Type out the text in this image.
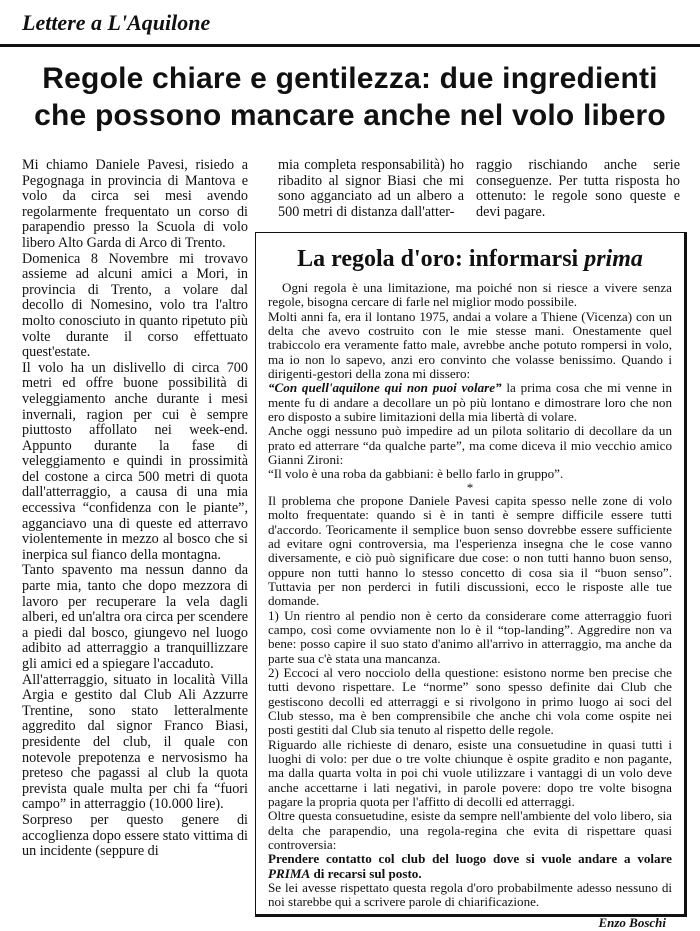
Lettere a L'Aquilone
Regole chiare e gentilezza: due ingredienti
che possono mancare anche nel volo libero

Mi chiamo Daniele Pavesi, risiedo a Pegognaga in provincia di Mantova e volo da circa sei mesi avendo regolarmente frequentato un corso di parapendio presso la Scuola di volo libero Alto Garda di Arco di Trento.

Domenica 8 Novembre mi trovavo assieme ad alcuni amici a Mori, in provincia di Trento, a volare dal decollo di Nomesino, volo tra l'altro molto conosciuto in quanto ripetuto più volte durante il corso effettuato quest'estate.

Il volo ha un dislivello di circa 700 metri ed offre buone possibilità di veleggiamento anche durante i mesi invernali, ragion per cui è sempre piuttosto affollato nei week-end. Appunto durante la fase di veleggiamento e quindi in prossimità del costone a circa 500 metri di quota dall'atterraggio, a causa di una mia eccessiva “confidenza con le piante”, agganciavo una di queste ed atterravo violentemente in mezzo al bosco che si inerpica sul fianco della montagna.

Tanto spavento ma nessun danno da parte mia, tanto che dopo mezzora di lavoro per recuperare la vela dagli alberi, ed un'altra ora circa per scendere a piedi dal bosco, giungevo nel luogo adibito ad atterraggio a tranquillizzare gli amici ed a spiegare l'accaduto.

All'atterraggio, situato in località Villa Argia e gestito dal Club Ali Azzurre Trentine, sono stato letteralmente aggredito dal signor Franco Biasi, presidente del club, il quale con notevole prepotenza e nervosismo ha preteso che pagassi al club la quota prevista quale multa per chi fa “fuori campo” in atterraggio (10.000 lire).

Sorpreso per questo genere di accoglienza dopo essere stato vittima di un incidente (seppure di

mia completa responsabilità) ho ribadito al signor Biasi che mi sono agganciato ad un albero a 500 metri di distanza dall'atter-

raggio rischiando anche serie conseguenze. Per tutta risposta ho ottenuto: le regole sono queste e devi pagare.

La regola d'oro: informarsi prima

Ogni regola è una limitazione, ma poiché non si riesce a vivere senza regole, bisogna cercare di farle nel miglior modo possibile.

Molti anni fa, era il lontano 1975, andai a volare a Thiene (Vicenza) con un delta che avevo costruito con le mie stesse mani. Onestamente quel trabiccolo era veramente fatto male, avrebbe anche potuto rompersi in volo, ma io non lo sapevo, anzi ero convinto che volasse benissimo. Quando i dirigenti-gestori della zona mi dissero:

“Con quell'aquilone qui non puoi volare” la prima cosa che mi venne in mente fu di andare a decollare un pò più lontano e dimostrare loro che non ero disposto a subire limitazioni della mia libertà di volare.

Anche oggi nessuno può impedire ad un pilota solitario di decollare da un prato ed atterrare “da qualche parte”, ma come diceva il mio vecchio amico Gianni Zironi:

“Il volo è una roba da gabbiani: è bello farlo in gruppo”.

*

Il problema che propone Daniele Pavesi capita spesso nelle zone di volo molto frequentate: quando si è in tanti è sempre difficile essere tutti d'accordo. Teoricamente il semplice buon senso dovrebbe essere sufficiente ad evitare ogni controversia, ma l'esperienza insegna che le cose vanno diversamente, e ciò può significare due cose: o non tutti hanno buon senso, oppure non tutti hanno lo stesso concetto di cosa sia il “buon senso”. Tuttavia per non perderci in futili discussioni, ecco le risposte alle tue domande.

1) Un rientro al pendio non è certo da considerare come atterraggio fuori campo, così come ovviamente non lo è il “top-landing”. Aggredire non va bene: posso capire il suo stato d'animo all'arrivo in atterraggio, ma anche da parte sua c'è stata una mancanza.

2) Eccoci al vero nocciolo della questione: esistono norme ben precise che tutti devono rispettare. Le “norme” sono spesso definite dai Club che gestiscono decolli ed atterraggi e si rivolgono in primo luogo ai soci del Club stesso, ma è ben comprensibile che anche chi vola come ospite nei posti gestiti dal Club sia tenuto al rispetto delle regole.

Riguardo alle richieste di denaro, esiste una consuetudine in quasi tutti i luoghi di volo: per due o tre volte chiunque è ospite gradito e non pagante, ma dalla quarta volta in poi chi vuole utilizzare i vantaggi di un volo deve anche accettarne i lati negativi, in parole povere: dopo tre volte bisogna pagare la propria quota per l'affitto di decolli ed atterraggi.

Oltre questa consuetudine, esiste da sempre nell'ambiente del volo libero, sia delta che parapendio, una regola-regina che evita di rispettare quasi controversia:

Prendere contatto col club del luogo dove si vuole andare a volare PRIMA di recarsi sul posto.

Se lei avesse rispettato questa regola d'oro probabilmente adesso nessuno di noi starebbe qui a scrivere parole di chiarificazione.

Enzo Boschi
